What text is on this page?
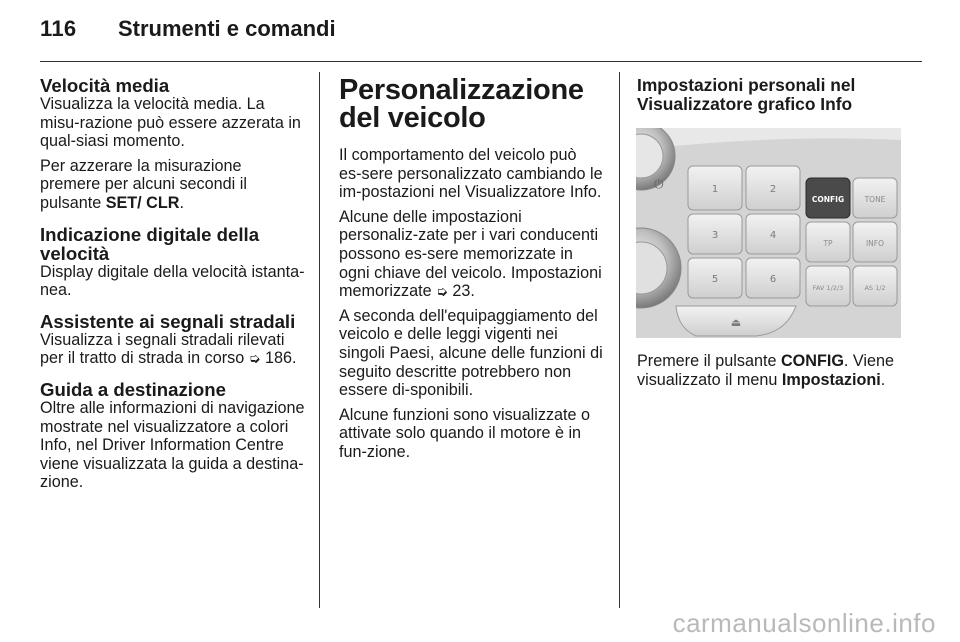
116 Strumenti e comandi
Velocità media

Visualizza la velocità media. La misu-razione può essere azzerata in qual-siasi momento.

Per azzerare la misurazione premere per alcuni secondi il pulsante SET/ CLR.

Indicazione digitale della velocità

Display digitale della velocità istanta-nea.

Assistente ai segnali stradali

Visualizza i segnali stradali rilevati per il tratto di strada in corso ➭ 186.

Guida a destinazione

Oltre alle informazioni di navigazione mostrate nel visualizzatore a colori Info, nel Driver Information Centre viene visualizzata la guida a destina-zione.

Personalizzazione del veicolo

Il comportamento del veicolo può es-sere personalizzato cambiando le im-postazioni nel Visualizzatore Info.

Alcune delle impostazioni personaliz-zate per i vari conducenti possono es-sere memorizzate in ogni chiave del veicolo. Impostazioni memorizzate ➭ 23.

A seconda dell'equipaggiamento del veicolo e delle leggi vigenti nei singoli Paesi, alcune delle funzioni di seguito descritte potrebbero non essere di-sponibili.

Alcune funzioni sono visualizzate o attivate solo quando il motore è in fun-zione.

Impostazioni personali nel Visualizzatore grafico Info
⏻	1	2
3	4
5	6
⏏
CONFIG	TONE
TP	INFO
FAV 1/2/3	AS 1/2

Premere il pulsante CONFIG. Viene visualizzato il menu Impostazioni.

carmanualsonline.info
